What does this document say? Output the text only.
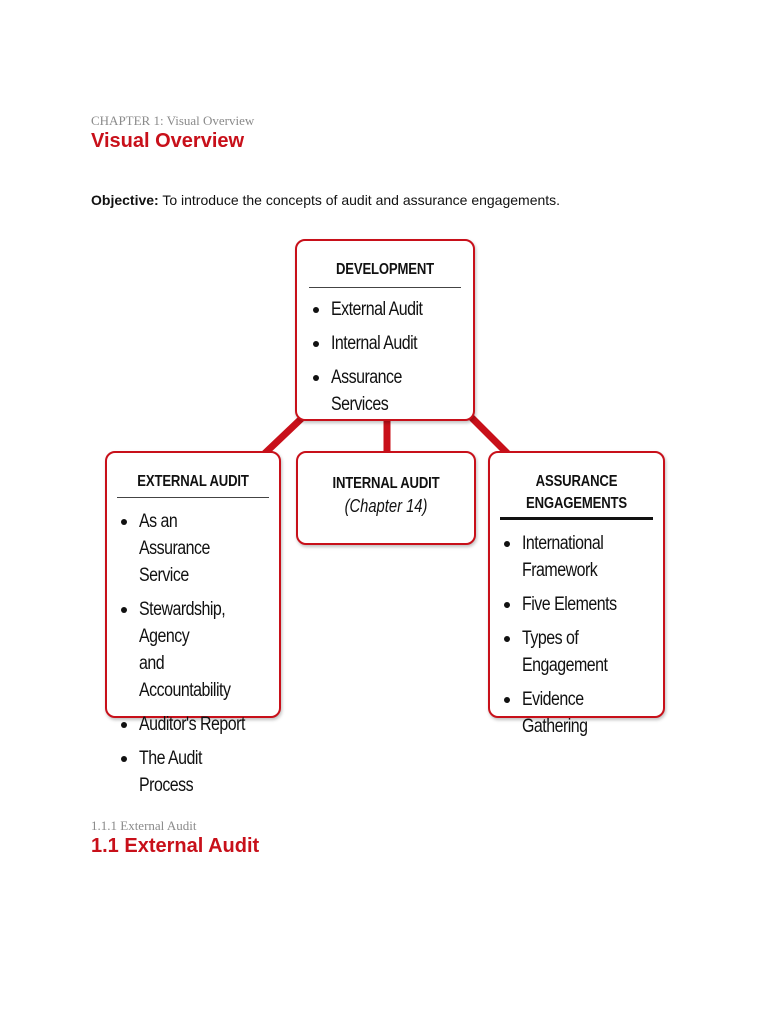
CHAPTER 1: Visual Overview
Visual Overview
Objective: To introduce the concepts of audit and assurance engagements.
DEVELOPMENT
External Audit
Internal Audit
Assurance Services
EXTERNAL AUDIT
As an Assurance
Service
Stewardship, Agency
and Accountability
Auditor's Report
The Audit Process
INTERNAL AUDIT
(Chapter 14)
ASSURANCE
ENGAGEMENTS
International
Framework
Five Elements
Types of Engagement
Evidence Gathering
1.1.1 External Audit
1.1 External Audit
